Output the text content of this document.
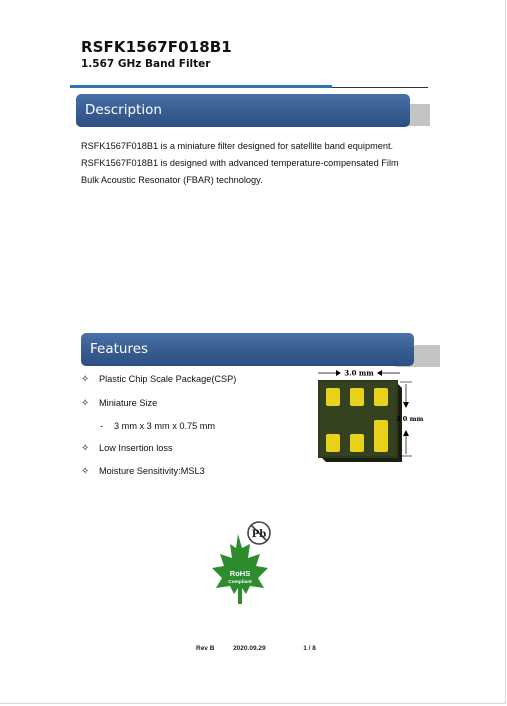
RSFK1567F018B1
1.567 GHz Band Filter
Description

RSFK1567F018B1 is a miniature filter designed for satellite band equipment.

RSFK1567F018B1 is designed with advanced temperature-compensated Film

Bulk Acoustic Resonator (FBAR) technology.

Features
✧ Plastic Chip Scale Package(CSP)
✧ Miniature Size
- 3 mm x 3 mm x 0.75 mm
✧ Low Insertion loss
✧ Moisture Sensitivity:MSL3
3.0 mm
3.0 mm
Pb
RoHS
Compliant
Rev B	2020.09.29	1 / 8
